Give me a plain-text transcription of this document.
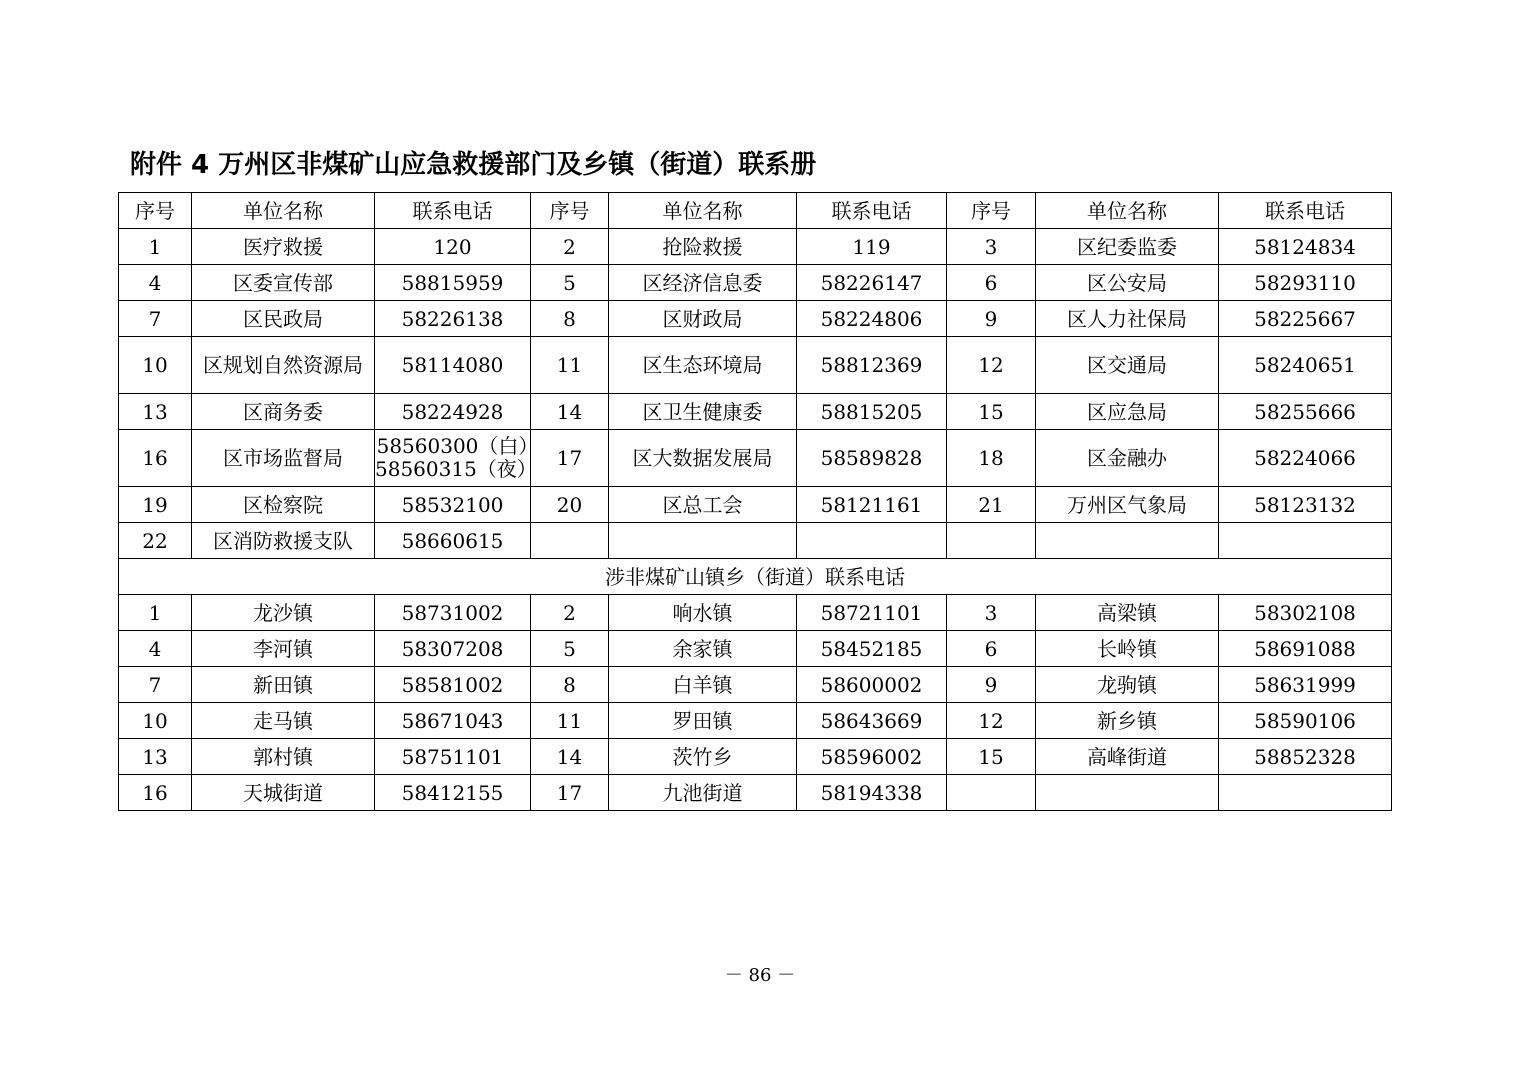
附件 4 万州区非煤矿山应急救援部门及乡镇（街道）联系册
序号	单位名称	联系电话	序号	单位名称	联系电话	序号	单位名称	联系电话
1	医疗救援	120	2	抢险救援	119	3	区纪委监委	58124834
4	区委宣传部	58815959	5	区经济信息委	58226147	6	区公安局	58293110
7	区民政局	58226138	8	区财政局	58224806	9	区人力社保局	58225667
10	区规划自然资源局	58114080	11	区生态环境局	58812369	12	区交通局	58240651
13	区商务委	58224928	14	区卫生健康委	58815205	15	区应急局	58255666
16	区市场监督局	58560300（白）58560315（夜）	17	区大数据发展局	58589828	18	区金融办	58224066
19	区检察院	58532100	20	区总工会	58121161	21	万州区气象局	58123132
22	区消防救援支队	58660615						
涉非煤矿山镇乡（街道）联系电话								
1	龙沙镇	58731002	2	响水镇	58721101	3	高梁镇	58302108
4	李河镇	58307208	5	余家镇	58452185	6	长岭镇	58691088
7	新田镇	58581002	8	白羊镇	58600002	9	龙驹镇	58631999
10	走马镇	58671043	11	罗田镇	58643669	12	新乡镇	58590106
13	郭村镇	58751101	14	茨竹乡	58596002	15	高峰街道	58852328
16	天城街道	58412155	17	九池街道	58194338			
－ 86 －
